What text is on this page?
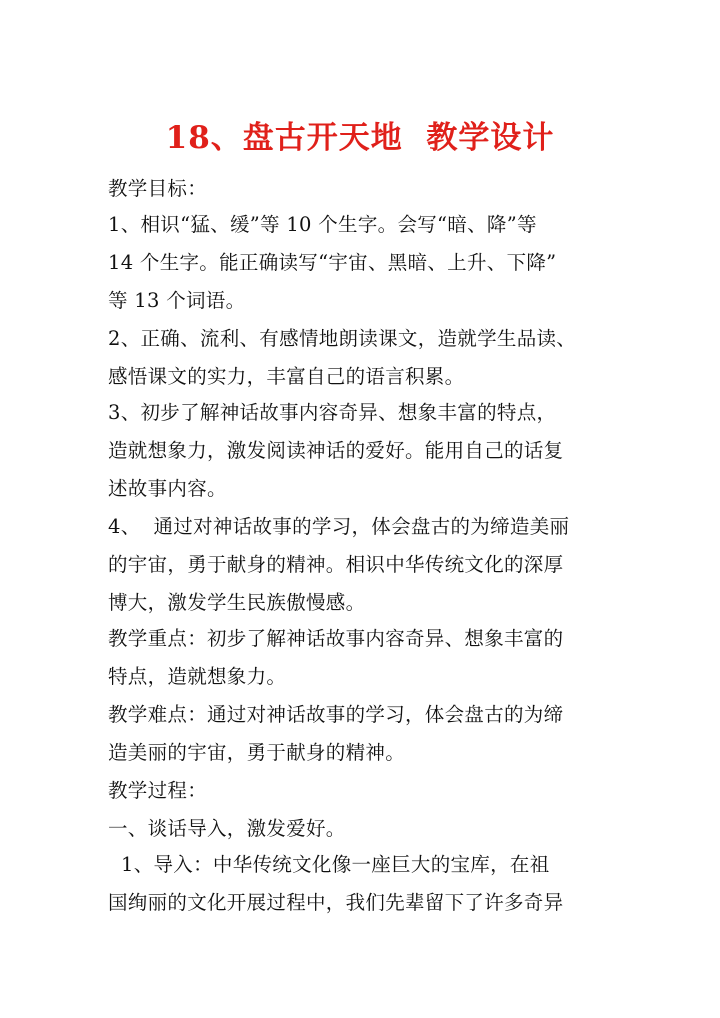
18、盘古开天地  教学设计
教学目标：
1、相识“猛、缓”等 10 个生字。会写“暗、降”等
14 个生字。能正确读写“宇宙、黑暗、上升、下降”
等 13 个词语。
2、正确、流利、有感情地朗读课文，造就学生品读、
感悟课文的实力，丰富自己的语言积累。
3、初步了解神话故事内容奇异、想象丰富的特点，
造就想象力，激发阅读神话的爱好。能用自己的话复
述故事内容。
4、  通过对神话故事的学习，体会盘古的为缔造美丽
的宇宙，勇于献身的精神。相识中华传统文化的深厚
博大，激发学生民族傲慢感。
教学重点：初步了解神话故事内容奇异、想象丰富的
特点，造就想象力。
教学难点：通过对神话故事的学习，体会盘古的为缔
造美丽的宇宙，勇于献身的精神。
教学过程：
一、谈话导入，激发爱好。
1、导入：中华传统文化像一座巨大的宝库，在祖
国绚丽的文化开展过程中，我们先辈留下了许多奇异
